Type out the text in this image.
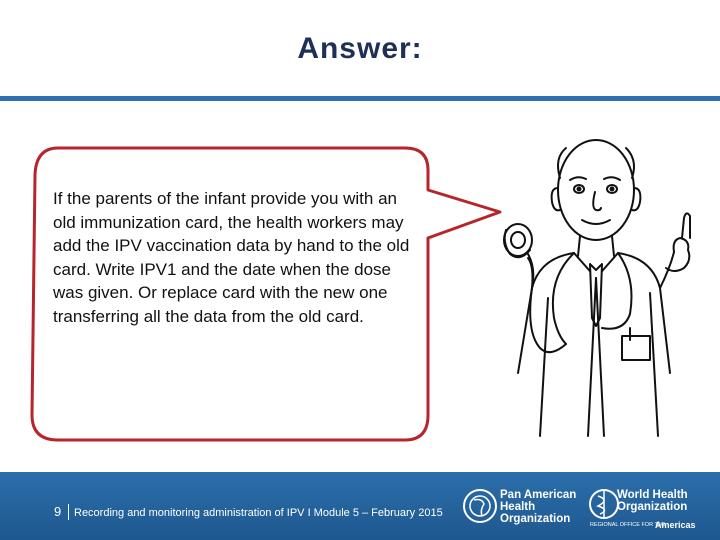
Answer:
If the parents of the infant provide you with an old immunization card, the health workers may add the IPV vaccination data by hand to the old card. Write IPV1 and the date when the dose was given. Or replace card with the new one transferring all the data from the old card.
9 Recording and monitoring administration of IPV I Module 5 – February 2015
Pan American
Health
Organization
World Health
Organization
REGIONAL OFFICE FOR THE
Americas
